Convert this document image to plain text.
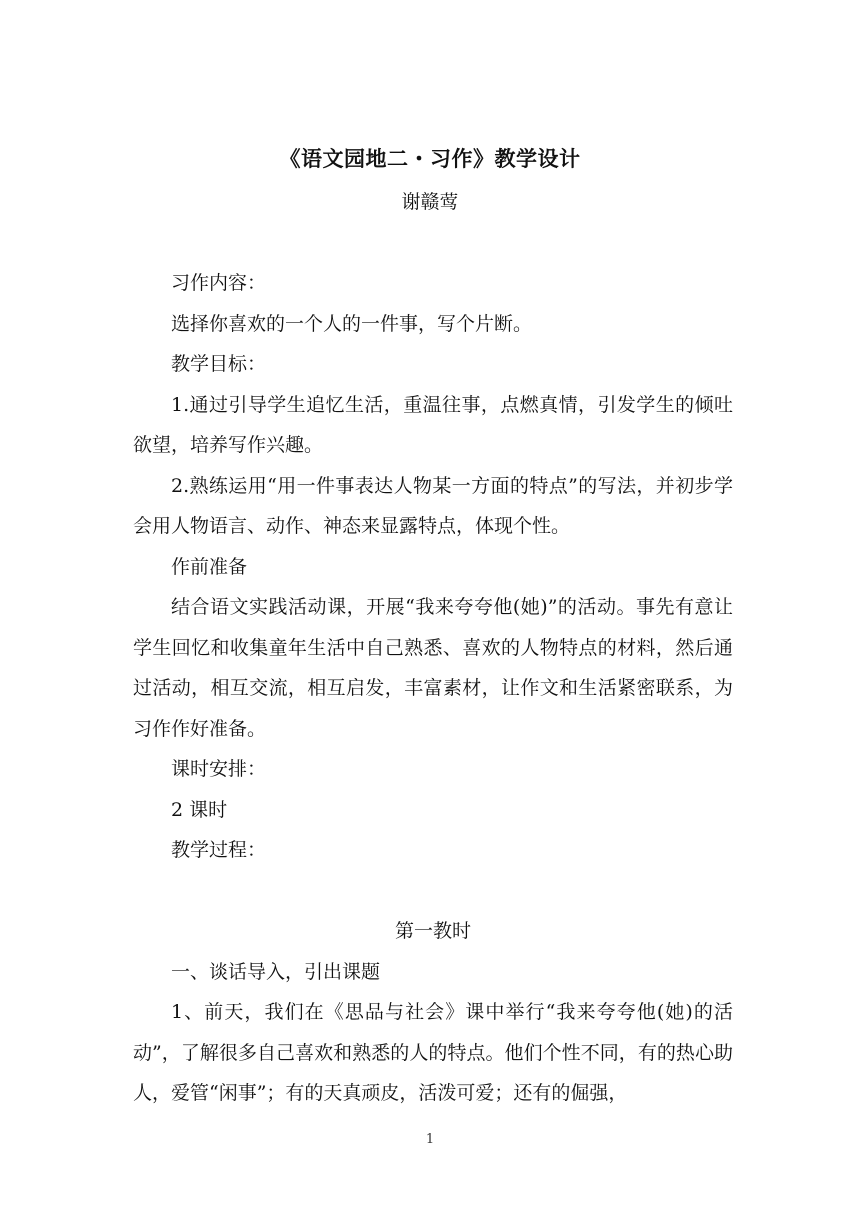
《语文园地二・习作》教学设计
谢赣莺

习作内容：

选择你喜欢的一个人的一件事，写个片断。

教学目标：

1.通过引导学生追忆生活，重温往事，点燃真情，引发学生的倾吐欲望，培养写作兴趣。

2.熟练运用“用一件事表达人物某一方面的特点”的写法，并初步学会用人物语言、动作、神态来显露特点，体现个性。

作前准备

结合语文实践活动课，开展“我来夸夸他(她)”的活动。事先有意让学生回忆和收集童年生活中自己熟悉、喜欢的人物特点的材料，然后通过活动，相互交流，相互启发，丰富素材，让作文和生活紧密联系，为习作作好准备。

课时安排：

2 课时

教学过程：

第一教时

一、谈话导入，引出课题

1、前天，我们在《思品与社会》课中举行“我来夸夸他(她)的活动”，了解很多自己喜欢和熟悉的人的特点。他们个性不同，有的热心助人，爱管“闲事”；有的天真顽皮，活泼可爱；还有的倔强，

1
